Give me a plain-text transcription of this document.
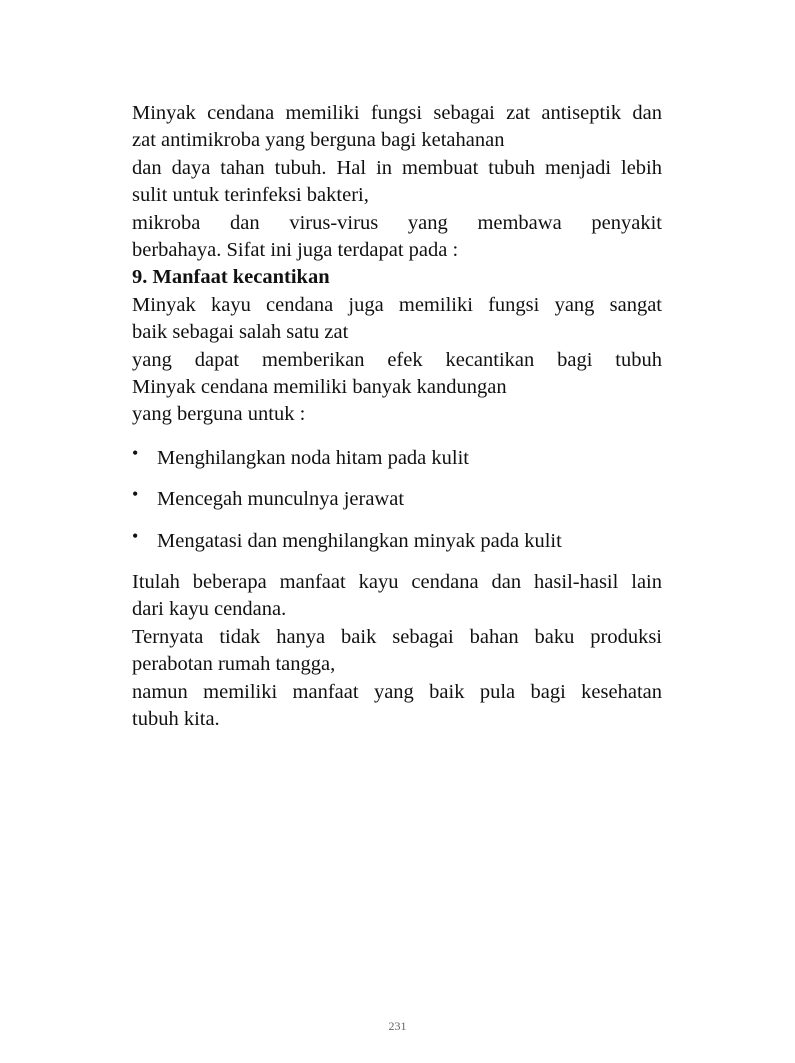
Minyak cendana memiliki fungsi sebagai zat antiseptik dan
zat antimikroba yang berguna bagi ketahanan
dan daya tahan tubuh. Hal in membuat tubuh menjadi lebih
sulit untuk terinfeksi bakteri,
mikroba dan virus-virus yang membawa penyakit
berbahaya. Sifat ini juga terdapat pada :

9. Manfaat kecantikan

Minyak kayu cendana juga memiliki fungsi yang sangat
baik sebagai salah satu zat
yang dapat memberikan efek kecantikan bagi tubuh
Minyak cendana memiliki banyak kandungan
yang berguna untuk :

• Menghilangkan noda hitam pada kulit
• Mencegah munculnya jerawat
• Mengatasi dan menghilangkan minyak pada kulit

Itulah beberapa manfaat kayu cendana dan hasil-hasil lain
dari kayu cendana.
Ternyata tidak hanya baik sebagai bahan baku produksi
perabotan rumah tangga,
namun memiliki manfaat yang baik pula bagi kesehatan
tubuh kita.

231
